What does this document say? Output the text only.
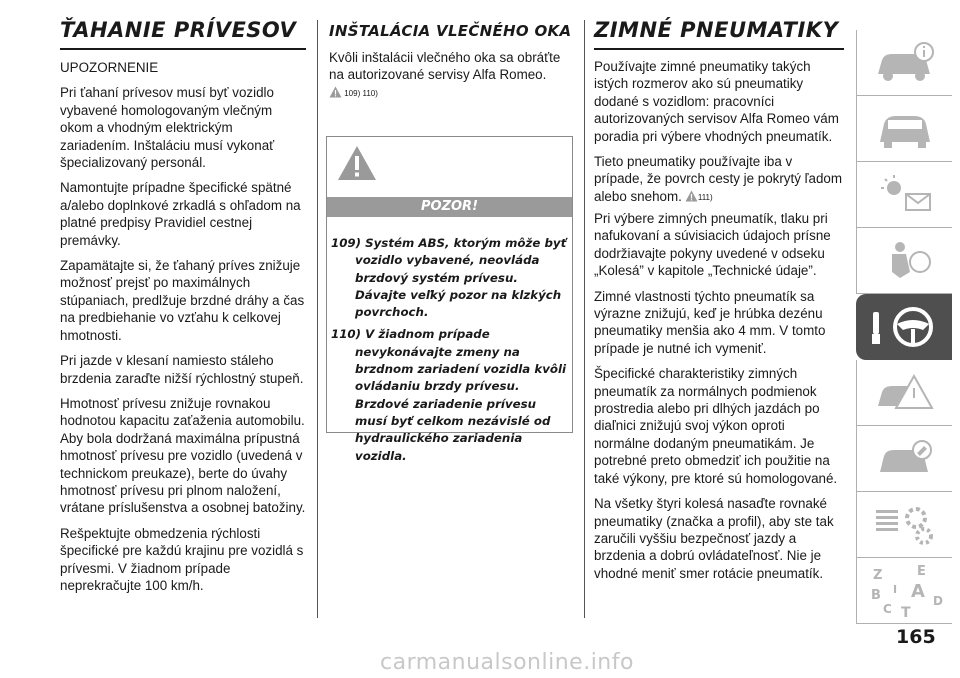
ŤAHANIE PRÍVESOV

UPOZORNENIE

Pri ťahaní prívesov musí byť vozidlo vybavené homologovaným vlečným okom a vhodným elektrickým zariadením. Inštaláciu musí vykonať špecializovaný personál.

Namontujte prípadne špecifické spätné a/alebo doplnkové zrkadlá s ohľadom na platné predpisy Pravidiel cestnej premávky.

Zapamätajte si, že ťahaný príves znižuje možnosť prejsť po maximálnych stúpaniach, predlžuje brzdné dráhy a čas na predbiehanie vo vzťahu k celkovej hmotnosti.

Pri jazde v klesaní namiesto stáleho brzdenia zaraďte nižší rýchlostný stupeň.

Hmotnosť prívesu znižuje rovnakou hodnotou kapacitu zaťaženia automobilu. Aby bola dodržaná maximálna prípustná hmotnosť prívesu pre vozidlo (uvedená v technickom preukaze), berte do úvahy hmotnosť prívesu pri plnom naložení, vrátane príslušenstva a osobnej batožiny.

Rešpektujte obmedzenia rýchlosti špecifické pre každú krajinu pre vozidlá s prívesmi. V žiadnom prípade neprekračujte 100 km/h.

INŠTALÁCIA VLEČNÉHO OKA

Kvôli inštalácii vlečného oka sa obráťte na autorizované servisy Alfa Romeo.

109) 110)
POZOR!
109) Systém ABS, ktorým môže byť vozidlo vybavené, neovláda brzdový systém prívesu. Dávajte veľký pozor na klzkých povrchoch.
110) V žiadnom prípade nevykonávajte zmeny na brzdnom zariadení vozidla kvôli ovládaniu brzdy prívesu. Brzdové zariadenie prívesu musí byť celkom nezávislé od hydraulického zariadenia vozidla.
ZIMNÉ PNEUMATIKY

Používajte zimné pneumatiky takých istých rozmerov ako sú pneumatiky dodané s vozidlom: pracovníci autorizovaných servisov Alfa Romeo vám poradia pri výbere vhodných pneumatík.

Tieto pneumatiky používajte iba v prípade, že povrch cesty je pokrytý ľadom alebo snehom. 111)

Pri výbere zimných pneumatík, tlaku pri nafukovaní a súvisiacich údajoch prísne dodržiavajte pokyny uvedené v odseku „Kolesá” v kapitole „Technické údaje”.

Zimné vlastnosti týchto pneumatík sa výrazne znižujú, keď je hrúbka dezénu pneumatiky menšia ako 4 mm. V tomto prípade je nutné ich vymeniť.

Špecifické charakteristiky zimných pneumatík za normálnych podmienok prostredia alebo pri dlhých jazdách po diaľnici znižujú svoj výkon oproti normálne dodaným pneumatikám. Je potrebné preto obmedziť ich použitie na také výkony, pre ktoré sú homologované.

Na všetky štyri kolesá nasaďte rovnaké pneumatiky (značka a profil), aby ste tak zaručili vyššiu bezpečnosť jazdy a brzdenia a dobrú ovládateľnosť. Nie je vhodné meniť smer rotácie pneumatík.	Z	E
B A D
C T
I
165
carmanualsonline.info
